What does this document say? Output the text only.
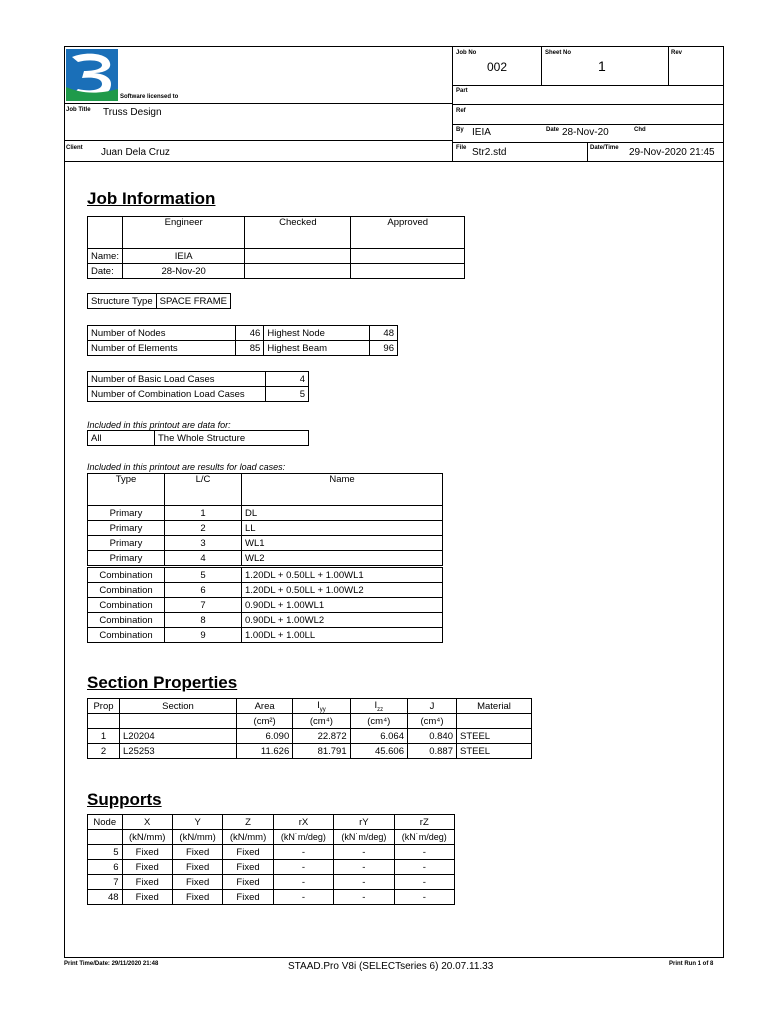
Software licensed to
Job Title Truss Design
Client Juan Dela Cruz
Job No
002
Sheet No
1
Rev
Part
Ref
By IEIA	Date 28-Nov-20	Chd
File Str2.std	Date/Time 29-Nov-2020 21:45
Job Information
	Engineer	Checked	Approved
Name:	IEIA		
Date:	28-Nov-20		
Structure Type	SPACE FRAME
Number of Nodes	46	Highest Node	48
Number of Elements	85	Highest Beam	96
Number of Basic Load Cases	4
Number of Combination Load Cases	5
Included in this printout are data for:
All	The Whole Structure
Included in this printout are results for load cases:
Type	L/C	Name
Primary	1	DL
Primary	2	LL
Primary	3	WL1
Primary	4	WL2
Combination	5	1.20DL + 0.50LL + 1.00WL1
Combination	6	1.20DL + 0.50LL + 1.00WL2
Combination	7	0.90DL + 1.00WL1
Combination	8	0.90DL + 1.00WL2
Combination	9	1.00DL + 1.00LL
Section Properties
Prop	Section	Area	$I_{yy}$	$I_{zz}$	J	Material
		(cm²)	(cm⁴)	(cm⁴)	(cm⁴)	
1	L20204	6.090	22.872	6.064	0.840	STEEL
2	L25253	11.626	81.791	45.606	0.887	STEEL
Supports
Node	X	Y	Z	rX	rY	rZ
	(kN/mm)	(kN/mm)	(kN/mm)	(kN˙m/deg)	(kN˙m/deg)	(kN˙m/deg)
5	Fixed	Fixed	Fixed	-	-	-
6	Fixed	Fixed	Fixed	-	-	-
7	Fixed	Fixed	Fixed	-	-	-
48	Fixed	Fixed	Fixed	-	-	-
Print Time/Date: 29/11/2020 21:48	STAAD.Pro V8i (SELECTseries 6) 20.07.11.33	Print Run 1 of 8
